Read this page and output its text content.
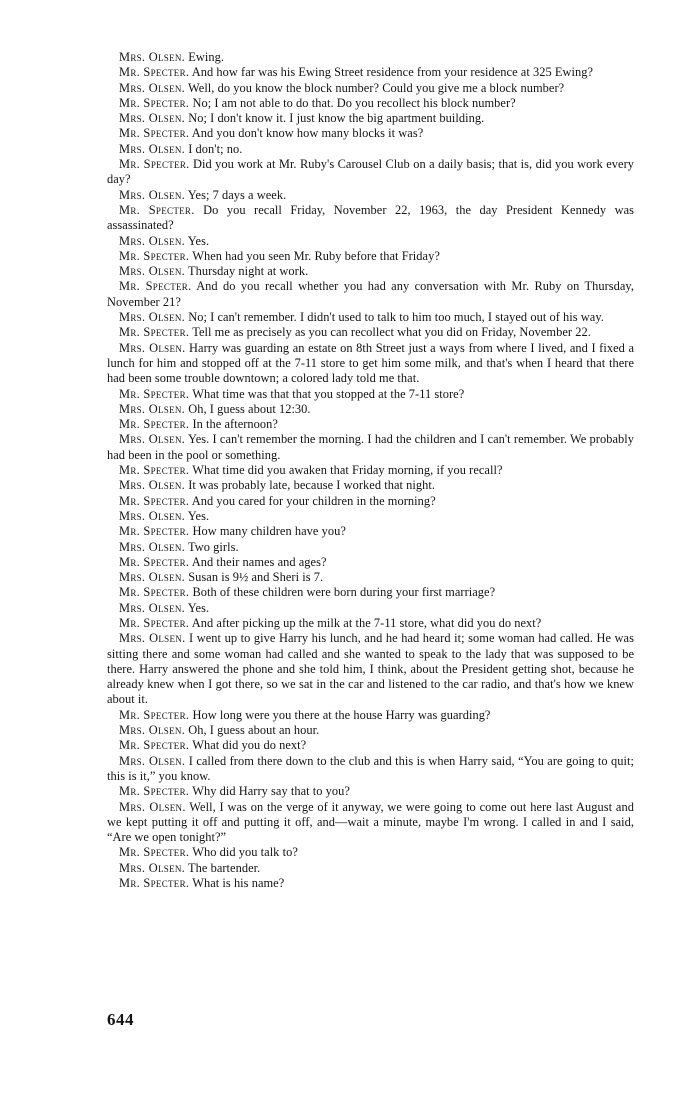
Mrs. Olsen. Ewing.

Mr. Specter. And how far was his Ewing Street residence from your residence at 325 Ewing?

Mrs. Olsen. Well, do you know the block number? Could you give me a block number?

Mr. Specter. No; I am not able to do that. Do you recollect his block number?

Mrs. Olsen. No; I don't know it. I just know the big apartment building.

Mr. Specter. And you don't know how many blocks it was?

Mrs. Olsen. I don't; no.

Mr. Specter. Did you work at Mr. Ruby's Carousel Club on a daily basis; that is, did you work every day?

Mrs. Olsen. Yes; 7 days a week.

Mr. Specter. Do you recall Friday, November 22, 1963, the day President Kennedy was assassinated?

Mrs. Olsen. Yes.

Mr. Specter. When had you seen Mr. Ruby before that Friday?

Mrs. Olsen. Thursday night at work.

Mr. Specter. And do you recall whether you had any conversation with Mr. Ruby on Thursday, November 21?

Mrs. Olsen. No; I can't remember. I didn't used to talk to him too much, I stayed out of his way.

Mr. Specter. Tell me as precisely as you can recollect what you did on Friday, November 22.

Mrs. Olsen. Harry was guarding an estate on 8th Street just a ways from where I lived, and I fixed a lunch for him and stopped off at the 7-11 store to get him some milk, and that's when I heard that there had been some trouble downtown; a colored lady told me that.

Mr. Specter. What time was that that you stopped at the 7-11 store?

Mrs. Olsen. Oh, I guess about 12:30.

Mr. Specter. In the afternoon?

Mrs. Olsen. Yes. I can't remember the morning. I had the children and I can't remember. We probably had been in the pool or something.

Mr. Specter. What time did you awaken that Friday morning, if you recall?

Mrs. Olsen. It was probably late, because I worked that night.

Mr. Specter. And you cared for your children in the morning?

Mrs. Olsen. Yes.

Mr. Specter. How many children have you?

Mrs. Olsen. Two girls.

Mr. Specter. And their names and ages?

Mrs. Olsen. Susan is 9½ and Sheri is 7.

Mr. Specter. Both of these children were born during your first marriage?

Mrs. Olsen. Yes.

Mr. Specter. And after picking up the milk at the 7-11 store, what did you do next?

Mrs. Olsen. I went up to give Harry his lunch, and he had heard it; some woman had called. He was sitting there and some woman had called and she wanted to speak to the lady that was supposed to be there. Harry answered the phone and she told him, I think, about the President getting shot, because he already knew when I got there, so we sat in the car and listened to the car radio, and that's how we knew about it.

Mr. Specter. How long were you there at the house Harry was guarding?

Mrs. Olsen. Oh, I guess about an hour.

Mr. Specter. What did you do next?

Mrs. Olsen. I called from there down to the club and this is when Harry said, “You are going to quit; this is it,” you know.

Mr. Specter. Why did Harry say that to you?

Mrs. Olsen. Well, I was on the verge of it anyway, we were going to come out here last August and we kept putting it off and putting it off, and—wait a minute, maybe I'm wrong. I called in and I said, “Are we open tonight?”

Mr. Specter. Who did you talk to?

Mrs. Olsen. The bartender.

Mr. Specter. What is his name?

644
